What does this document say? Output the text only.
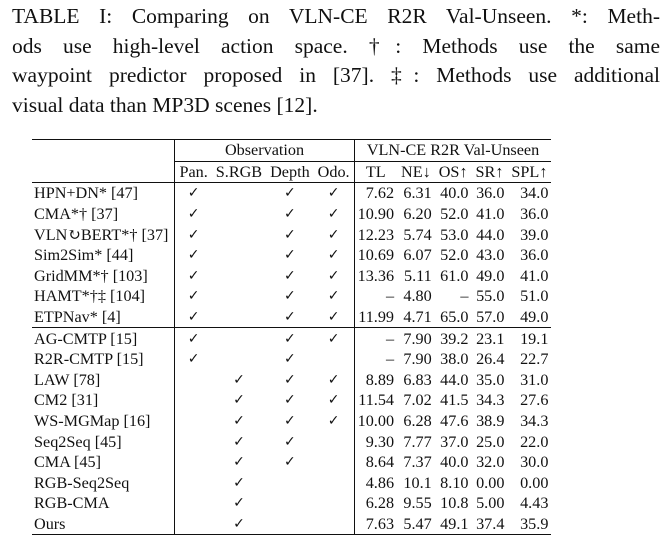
TABLE I: Comparing on VLN-CE R2R Val-Unseen. *: Meth-
ods use high-level action space. †: Methods use the same
waypoint predictor proposed in [37]. ‡: Methods use additional
visual data than MP3D scenes [12].
	Observation				VLN-CE R2R Val-Unseen				
	Pan.	S.RGB	Depth	Odo.	TL	NE↓	OS↑	SR↑	SPL↑
HPN+DN* [47]	✓		✓	✓	7.62	6.31	40.0	36.0	34.0
CMA*† [37]	✓		✓	✓	10.90	6.20	52.0	41.0	36.0
VLN↻BERT*† [37]	✓		✓	✓	12.23	5.74	53.0	44.0	39.0
Sim2Sim* [44]	✓		✓	✓	10.69	6.07	52.0	43.0	36.0
GridMM*† [103]	✓		✓	✓	13.36	5.11	61.0	49.0	41.0
HAMT*†‡ [104]	✓		✓	✓	–	4.80	–	55.0	51.0
ETPNav* [4]	✓		✓	✓	11.99	4.71	65.0	57.0	49.0
AG-CMTP [15]	✓		✓	✓	–	7.90	39.2	23.1	19.1
R2R-CMTP [15]	✓		✓		–	7.90	38.0	26.4	22.7
LAW [78]		✓	✓	✓	8.89	6.83	44.0	35.0	31.0
CM2 [31]		✓	✓	✓	11.54	7.02	41.5	34.3	27.6
WS-MGMap [16]		✓	✓	✓	10.00	6.28	47.6	38.9	34.3
Seq2Seq [45]		✓	✓		9.30	7.77	37.0	25.0	22.0
CMA [45]		✓	✓		8.64	7.37	40.0	32.0	30.0
RGB-Seq2Seq		✓			4.86	10.1	8.10	0.00	0.00
RGB-CMA		✓			6.28	9.55	10.8	5.00	4.43
Ours		✓			7.63	5.47	49.1	37.4	35.9
